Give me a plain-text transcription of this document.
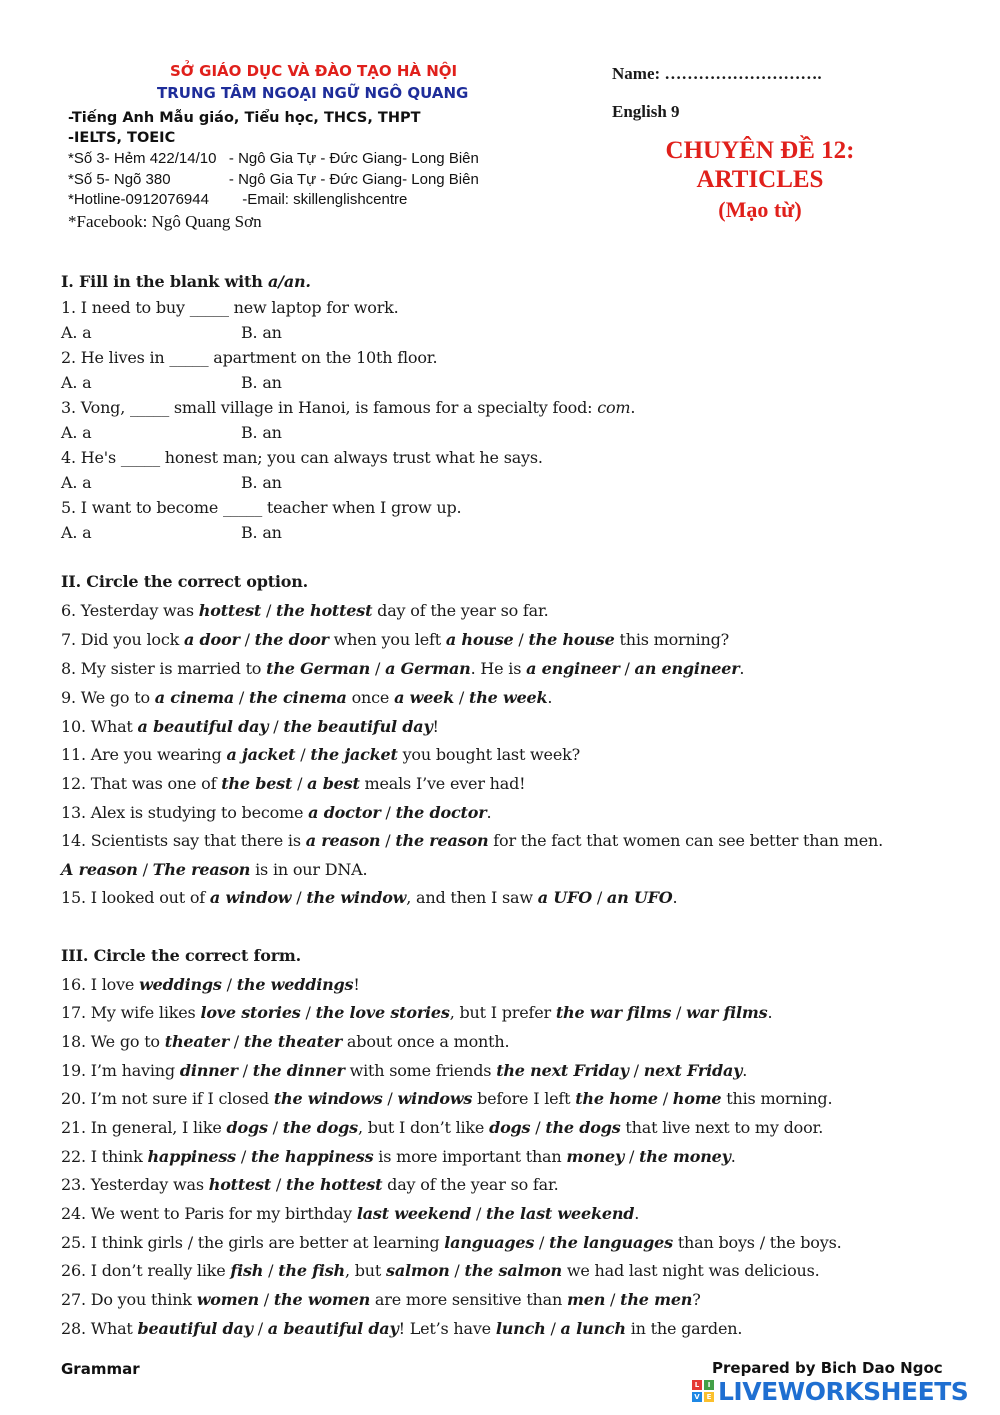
SỞ GIÁO DỤC VÀ ĐÀO TẠO HÀ NỘI
TRUNG TÂM NGOẠI NGỮ NGÔ QUANG
-Tiếng Anh Mẫu giáo, Tiểu học, THCS, THPT
-IELTS, TOEIC
*Số 3- Hẻm 422/14/10   - Ngô Gia Tự - Đức Giang- Long Biên
*Số 5- Ngõ 380              - Ngô Gia Tự - Đức Giang- Long Biên
*Hotline-0912076944        -Email: skillenglishcentre
*Facebook: Ngô Quang Sơn
Name: ……………………….
English 9
CHUYÊN ĐỀ 12:
ARTICLES
(Mạo từ)
I. Fill in the blank with a/an.
1. I need to buy _____ new laptop for work.
A. a	B. an
2. He lives in _____ apartment on the 10th floor.
A. a	B. an
3. Vong, _____ small village in Hanoi, is famous for a specialty food: com.
A. a	B. an
4. He's _____ honest man; you can always trust what he says.
A. a	B. an
5. I want to become _____ teacher when I grow up.
A. a	B. an
II. Circle the correct option.
6. Yesterday was hottest / the hottest day of the year so far.
7. Did you lock a door / the door when you left a house / the house this morning?
8. My sister is married to the German / a German. He is a engineer / an engineer.
9. We go to a cinema / the cinema once a week / the week.
10. What a beautiful day / the beautiful day!
11. Are you wearing a jacket / the jacket you bought last week?
12. That was one of the best / a best meals I’ve ever had!
13. Alex is studying to become a doctor / the doctor.
14. Scientists say that there is a reason / the reason for the fact that women can see better than men.
A reason / The reason is in our DNA.
15. I looked out of a window / the window, and then I saw a UFO / an UFO.
III. Circle the correct form.
16. I love weddings / the weddings!
17. My wife likes love stories / the love stories, but I prefer the war films / war films.
18. We go to theater / the theater about once a month.
19. I’m having dinner / the dinner with some friends the next Friday / next Friday.
20. I’m not sure if I closed the windows / windows before I left the home / home this morning.
21. In general, I like dogs / the dogs, but I don’t like dogs / the dogs that live next to my door.
22. I think happiness / the happiness is more important than money / the money.
23. Yesterday was hottest / the hottest day of the year so far.
24. We went to Paris for my birthday last weekend / the last weekend.
25. I think girls / the girls are better at learning languages / the languages than boys / the boys.
26. I don’t really like fish / the fish, but salmon / the salmon we had last night was delicious.
27. Do you think women / the women are more sensitive than men / the men?
28. What beautiful day / a beautiful day! Let’s have lunch / a lunch in the garden.
Grammar	Prepared by Bich Dao Ngoc
L	I
V E LIVEWORKSHEETS
